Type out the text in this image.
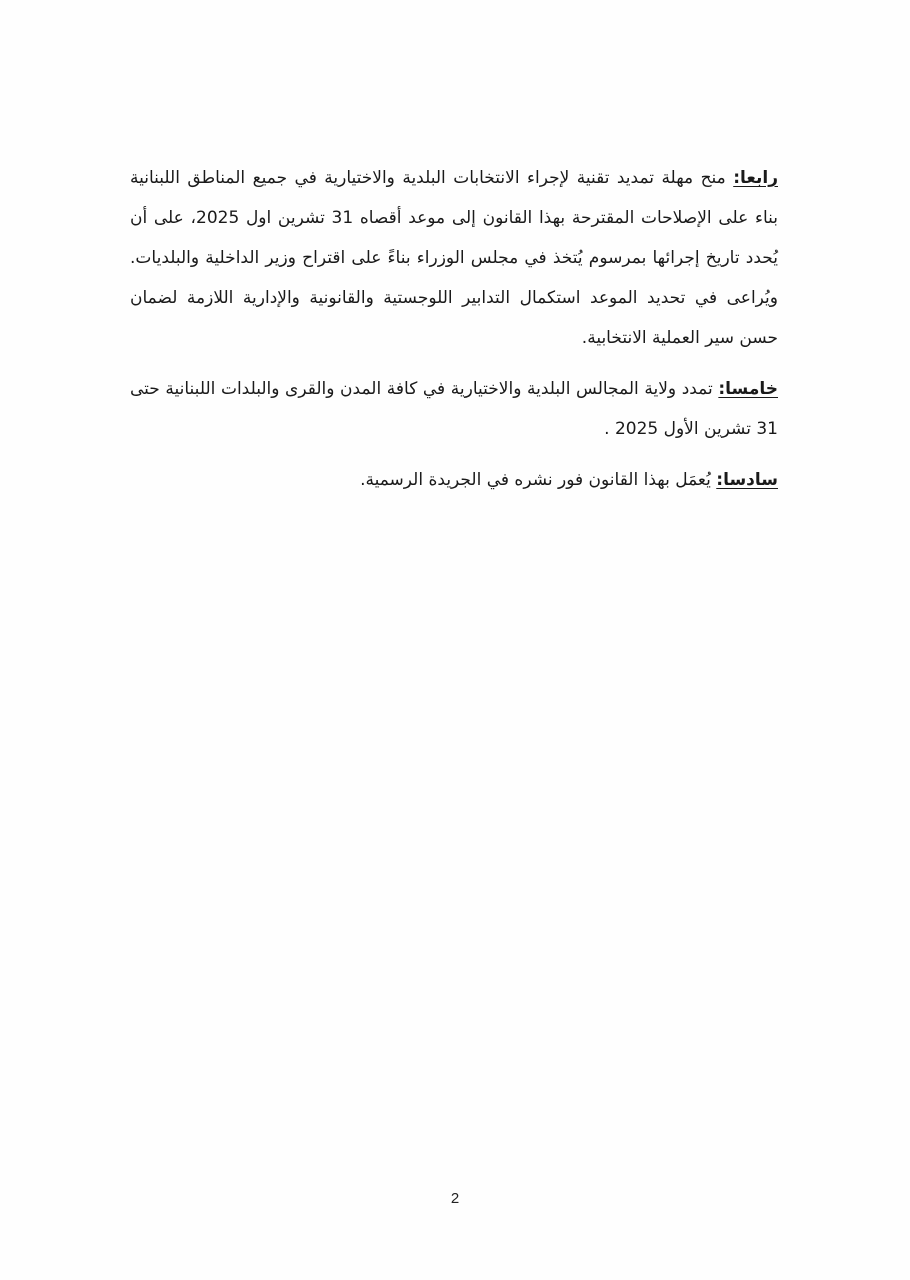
رابعا: منح مهلة تمديد تقنية لإجراء الانتخابات البلدية والاختيارية في جميع المناطق اللبنانية بناء على الإصلاحات المقترحة بهذا القانون إلى موعد أقصاه 31 تشرين اول 2025، على أن يُحدد تاريخ إجرائها بمرسوم يُتخذ في مجلس الوزراء بناءً على اقتراح وزير الداخلية والبلديات. ويُراعى في تحديد الموعد استكمال التدابير اللوجستية والقانونية والإدارية اللازمة لضمان حسن سير العملية الانتخابية.

خامسا: تمدد ولاية المجالس البلدية والاختيارية في كافة المدن والقرى والبلدات اللبنانية حتى 31 تشرين الأول 2025 .

سادسا: يُعمَل بهذا القانون فور نشره في الجريدة الرسمية.

2
